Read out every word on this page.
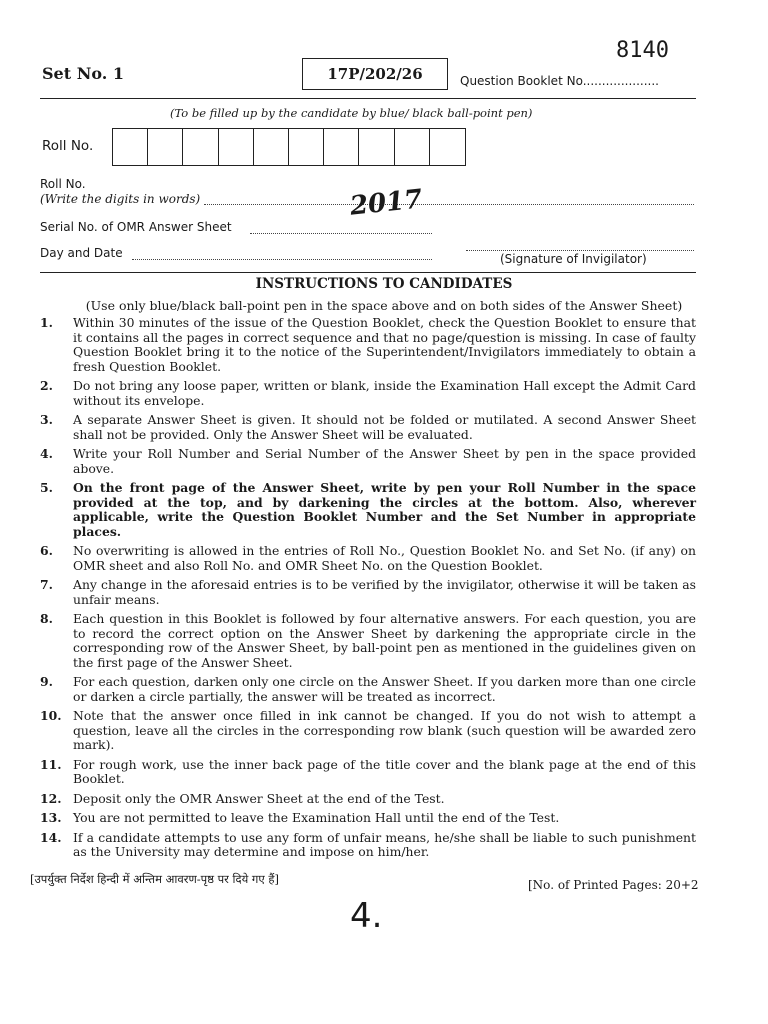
Set No. 1	17P/202/26	Question Booklet No....................
8140
(To be filled up by the candidate by blue/ black ball-point pen)
Roll No.
Roll No.
(Write the digits in words)	2017
Serial No. of OMR Answer Sheet
Day and Date	(Signature of Invigilator)
INSTRUCTIONS TO CANDIDATES
(Use only blue/black ball-point pen in the space above and on both sides of the Answer Sheet)
1.	Within 30 minutes of the issue of the Question Booklet, check the Question Booklet to ensure that it contains all the pages in correct sequence and that no page/question is missing. In case of faulty Question Booklet bring it to the notice of the Superintendent/Invigilators immediately to obtain a fresh Question Booklet.
2.	Do not bring any loose paper, written or blank, inside the Examination Hall except the Admit Card without its envelope.
3.	A separate Answer Sheet is given. It should not be folded or mutilated. A second Answer Sheet shall not be provided. Only the Answer Sheet will be evaluated.
4.	Write your Roll Number and Serial Number of the Answer Sheet by pen in the space provided above.
5.	On the front page of the Answer Sheet, write by pen your Roll Number in the space provided at the top, and by darkening the circles at the bottom. Also, wherever applicable, write the Question Booklet Number and the Set Number in appropriate places.
6.	No overwriting is allowed in the entries of Roll No., Question Booklet No. and Set No. (if any) on OMR sheet and also Roll No. and OMR Sheet No. on the Question Booklet.
7.	Any change in the aforesaid entries is to be verified by the invigilator, otherwise it will be taken as unfair means.
8.	Each question in this Booklet is followed by four alternative answers. For each question, you are to record the correct option on the Answer Sheet by darkening the appropriate circle in the corresponding row of the Answer Sheet, by ball-point pen as mentioned in the guidelines given on the first page of the Answer Sheet.
9.	For each question, darken only one circle on the Answer Sheet. If you darken more than one circle or darken a circle partially, the answer will be treated as incorrect.
10. Note that the answer once filled in ink cannot be changed. If you do not wish to attempt a question, leave all the circles in the corresponding row blank (such question will be awarded zero mark).
11. For rough work, use the inner back page of the title cover and the blank page at the end of this Booklet.
12. Deposit only the OMR Answer Sheet at the end of the Test.
13. You are not permitted to leave the Examination Hall until the end of the Test.
14. If a candidate attempts to use any form of unfair means, he/she shall be liable to such punishment as the University may determine and impose on him/her.
[उपर्युक्त निर्देश हिन्दी में अन्तिम आवरण-पृष्ठ पर दिये गए हैं]	[No. of Printed Pages: 20+2
4.
